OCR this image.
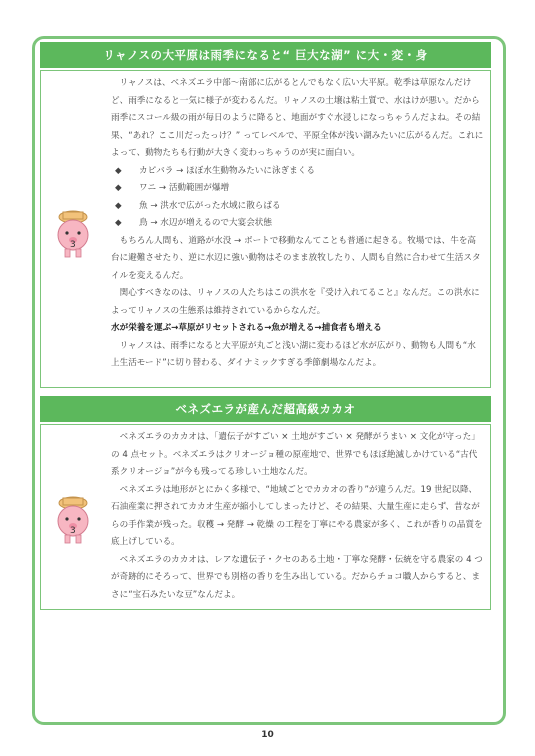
リャノスの大平原は雨季になると“ 巨大な湖” に大・変・身
3

リャノスは、ベネズエラ中部〜南部に広がるとんでもなく広い大平原。乾季は草原なんだけど、雨季になると一気に様子が変わるんだ。リャノスの土壌は粘土質で、水はけが悪い。だから雨季にスコール級の雨が毎日のように降ると、地面がすぐ水浸しになっちゃうんだよね。その結果、“あれ？ここ川だったっけ？” ってレベルで、平原全体が浅い湖みたいに広がるんだ。これによって、動物たちも行動が大きく変わっちゃうのが実に面白い。

◆	カピバラ → ほぼ水生動物みたいに泳ぎまくる

◆	ワニ → 活動範囲が爆増

◆	魚 → 洪水で広がった水域に散らばる

◆	鳥 → 水辺が増えるので大宴会状態

もちろん人間も、道路が水没 → ボートで移動なんてことも普通に起きる。牧場では、牛を高台に避難させたり、逆に水辺に強い動物はそのまま放牧したり、人間も自然に合わせて生活スタイルを変えるんだ。

関心すべきなのは、リャノスの人たちはこの洪水を『受け入れてること』なんだ。この洪水によってリャノスの生態系は維持されているからなんだ。

水が栄養を運ぶ→草原がリセットされる→魚が増える→捕食者も増える

リャノスは、雨季になると大平原が丸ごと浅い湖に変わるほど水が広がり、動物も人間も“水上生活モード”に切り替わる、ダイナミックすぎる季節劇場なんだよ。

ベネズエラが産んだ超高級カカオ
3

ベネズエラのカカオは、「遺伝子がすごい × 土地がすごい × 発酵がうまい × 文化が守った」 の 4 点セット。ベネズエラはクリオージョ種の原産地で、世界でもほぼ絶滅しかけている“古代系クリオージョ”が今も残ってる珍しい土地なんだ。

ベネズエラは地形がとにかく多様で、“地域ごとでカカオの香り”が違うんだ。19 世紀以降、石油産業に押されてカカオ生産が縮小してしまったけど、その結果、大量生産に走らず、昔ながらの手作業が残った。収穫 → 発酵 → 乾燥 の工程を丁寧にやる農家が多く、これが香りの品質を底上げしている。

ベネズエラのカカオは、レアな遺伝子・クセのある土地・丁寧な発酵・伝統を守る農家の 4 つが奇跡的にそろって、世界でも別格の香りを生み出している。だからチョコ職人からすると、まさに“宝石みたいな豆”なんだよ。

10
